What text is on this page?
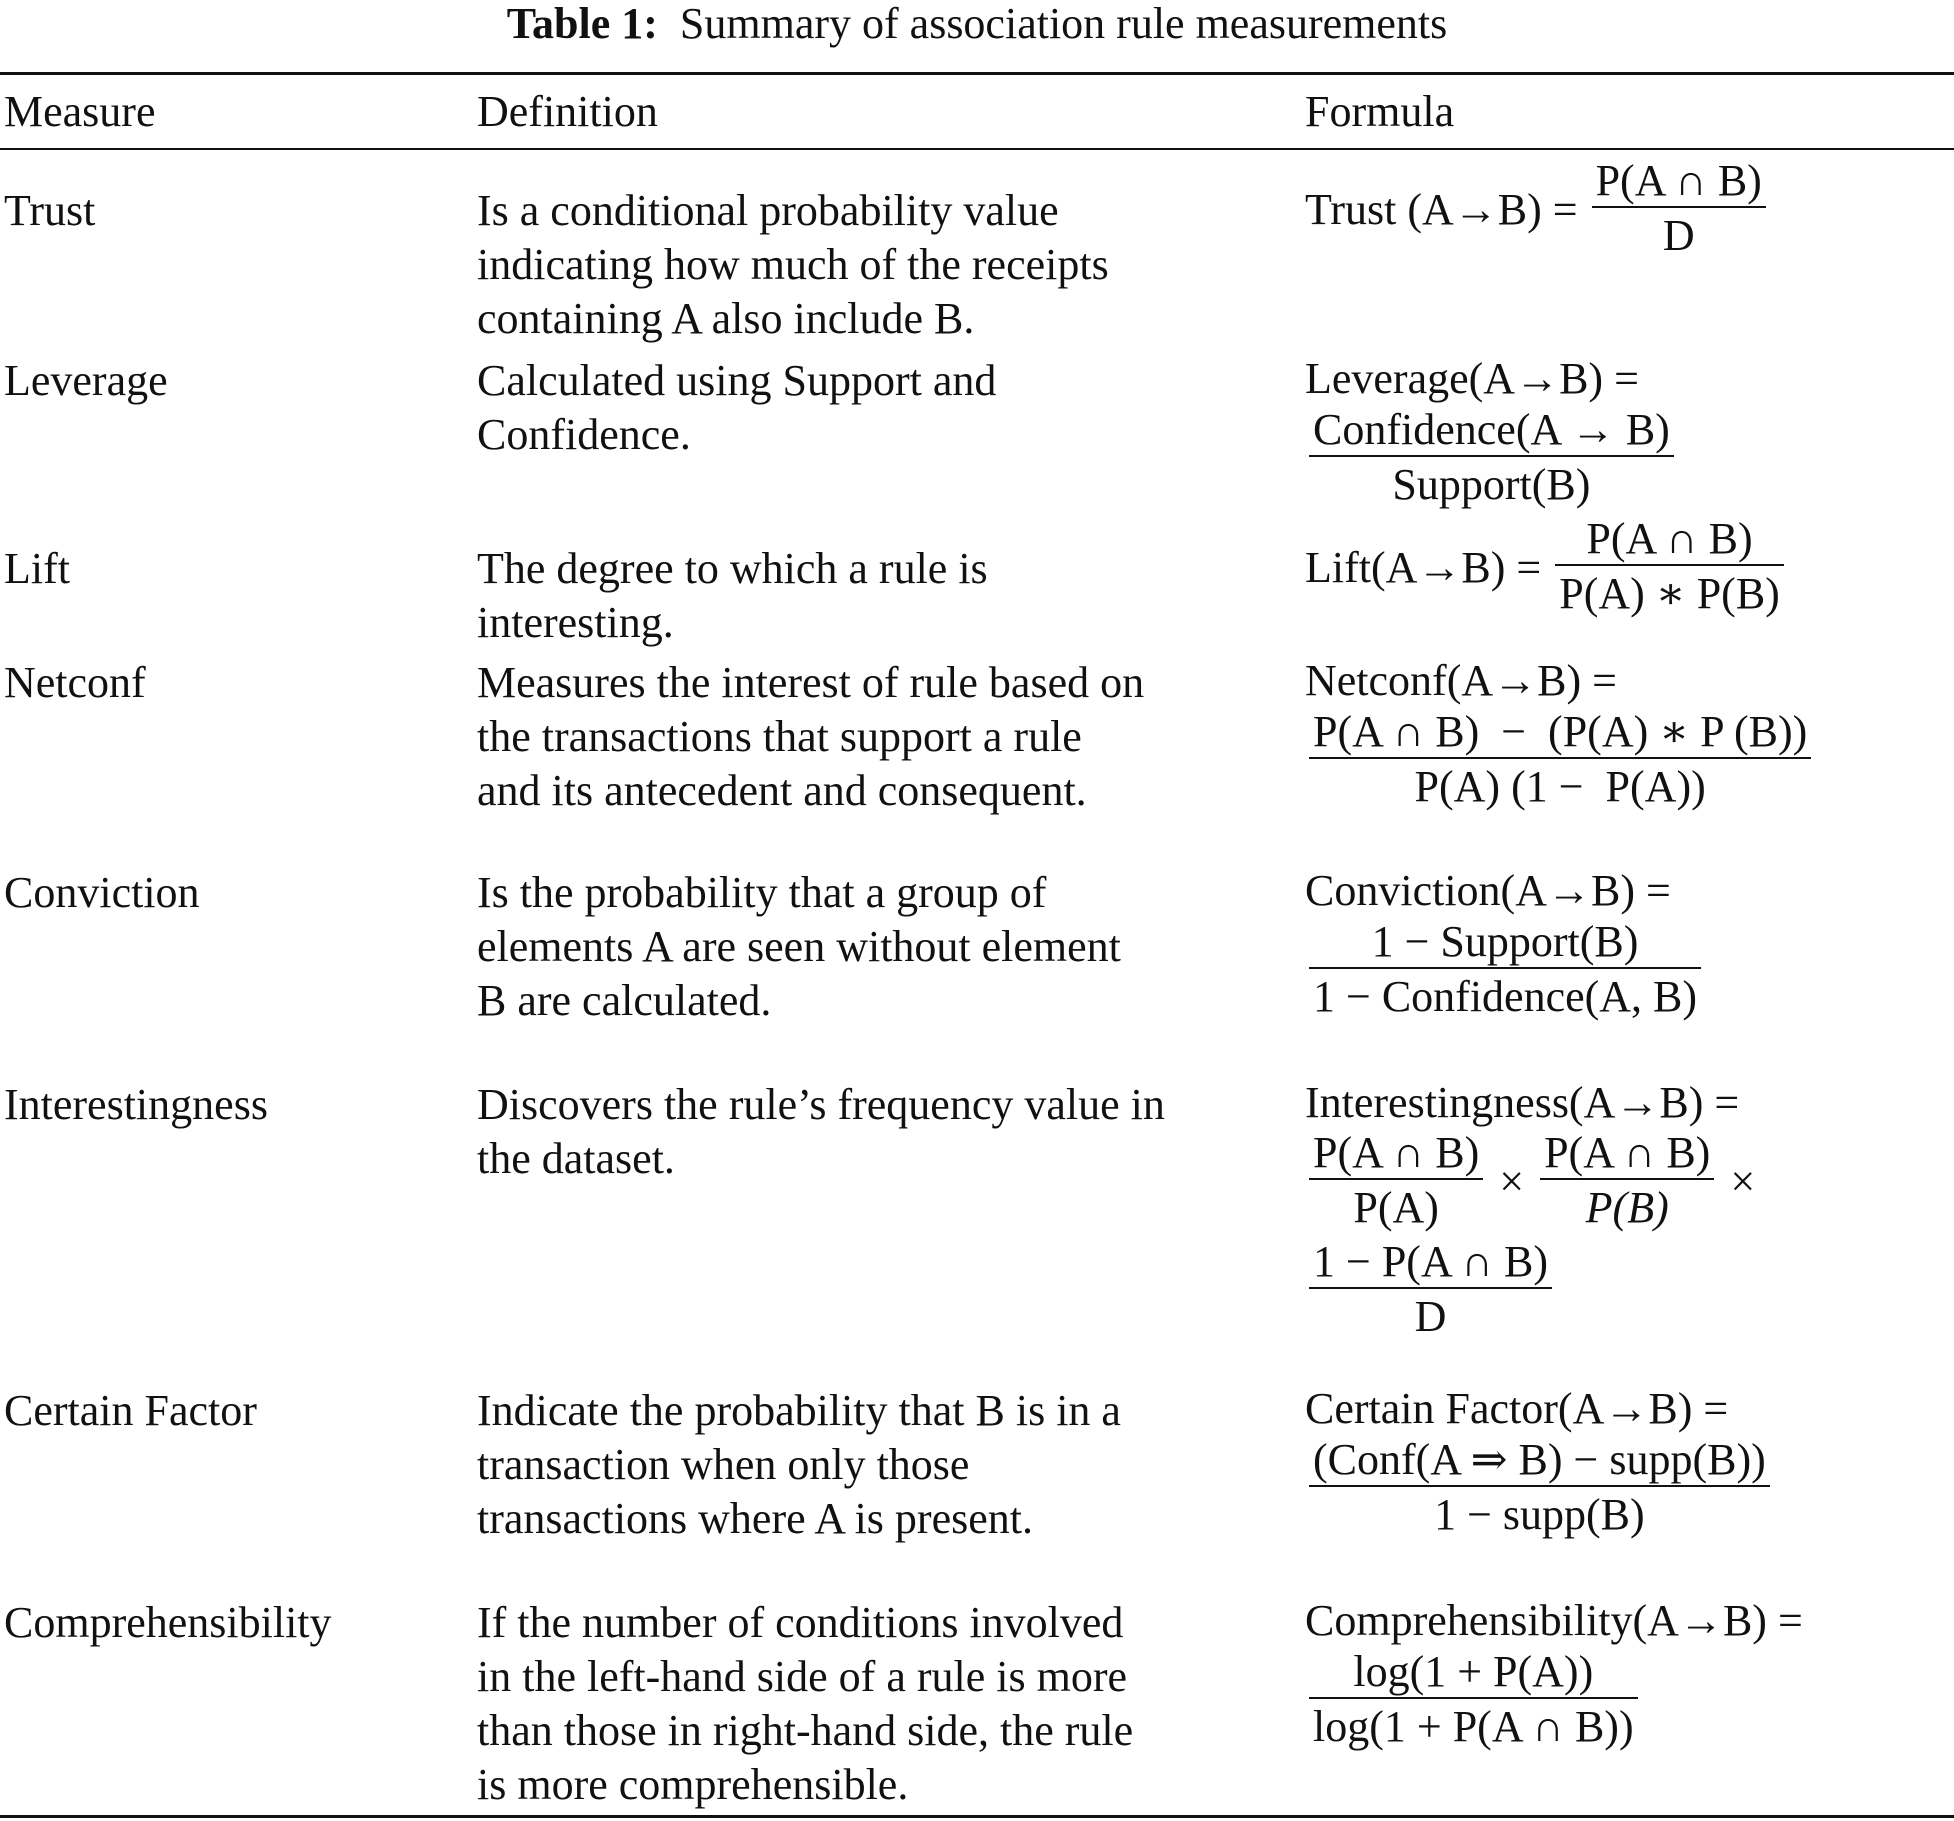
Table 1: Summary of association rule measurements
Measure	Definition	Formula
Trust	Is a conditional probability value
indicating how much of the receipts
containing A also include B.
Trust $(A\to B) = \frac{P(A \cap B)}{D}$
Leverage	Calculated using Support and
Confidence.
Leverage(A→B) =
$\frac{\text{Confidence(A → B)}}{\text{Support(B)}}$
Lift	The degree to which a rule is
interesting.
Lift(A→B) = $\frac{P(A \cap B)}{P(A) ∗ P(B)}$
Netconf	Measures the interest of rule based on
the transactions that support a rule
and its antecedent and consequent.
Netconf(A→B) =
$\frac{P(A \cap B) - (P(A) ∗ P (B))}{P(A) (1 - P(A))}$
Conviction	Is the probability that a group of
elements A are seen without element
B are calculated.
Conviction(A→B) =
$\frac{\text{1 − Support(B)}}{\text{1 − Confidence(A, B)}}$
Interestingness	Discovers the rule’s frequency value in
the dataset.
Interestingness(A→B) =
$\frac{P(A \cap B)}{P(A)} \times \frac{P(A \cap B)}{P(B)}$ ×
$\frac{1 - P(A \cap B)}{D}$
Certain Factor	Indicate the probability that B is in a
transaction when only those
transactions where A is present.
Certain Factor(A→B) =
$\frac{\text{(Conf(A ⇒ B) − supp(B))}}{\text{1 − supp(B)}}$
Comprehensibility	If the number of conditions involved
in the left-hand side of a rule is more
than those in right-hand side, the rule
is more comprehensible.
Comprehensibility(A→B) =
$\frac{\log(1 + P(A))}{\log(1 + P(A \cap B))}$
